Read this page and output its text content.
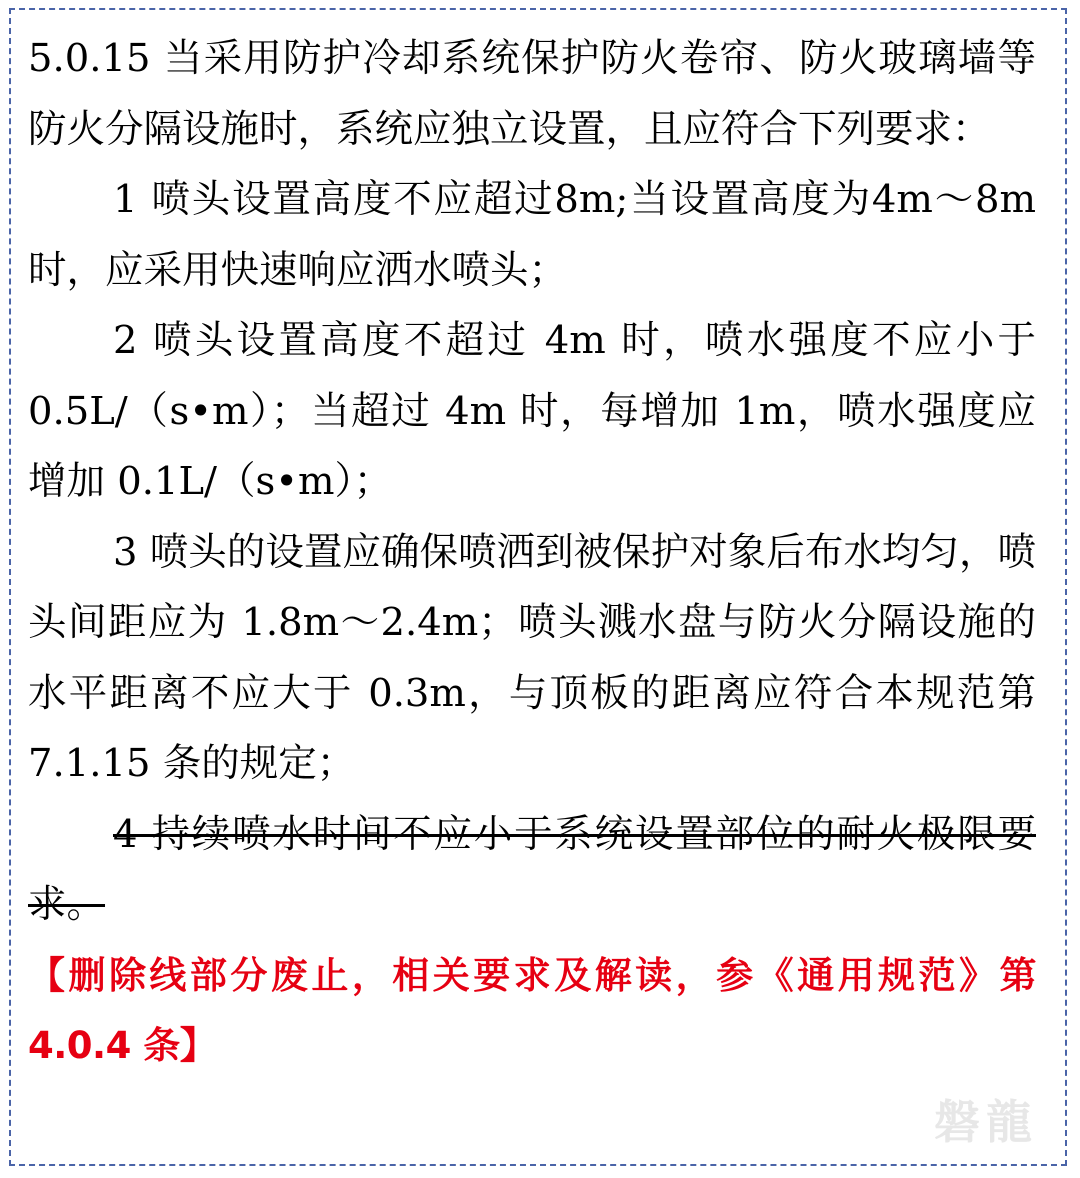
5.0.15 当采用防护冷却系统保护防火卷帘、防火玻璃墙等防火分隔设施时，系统应独立设置，且应符合下列要求：

1 喷头设置高度不应超过8m;当设置高度为4m～8m时，应采用快速响应洒水喷头；

2 喷头设置高度不超过 4m 时，喷水强度不应小于 0.5L/（s•m）；当超过 4m 时，每增加 1m，喷水强度应增加 0.1L/（s•m）；

3 喷头的设置应确保喷洒到被保护对象后布水均匀，喷头间距应为 1.8m～2.4m；喷头溅水盘与防火分隔设施的水平距离不应大于 0.3m，与顶板的距离应符合本规范第 7.1.15 条的规定；

4 持续喷水时间不应小于系统设置部位的耐火极限要求。

【删除线部分废止，相关要求及解读，参《通用规范》第 4.0.4 条】

磐龍
